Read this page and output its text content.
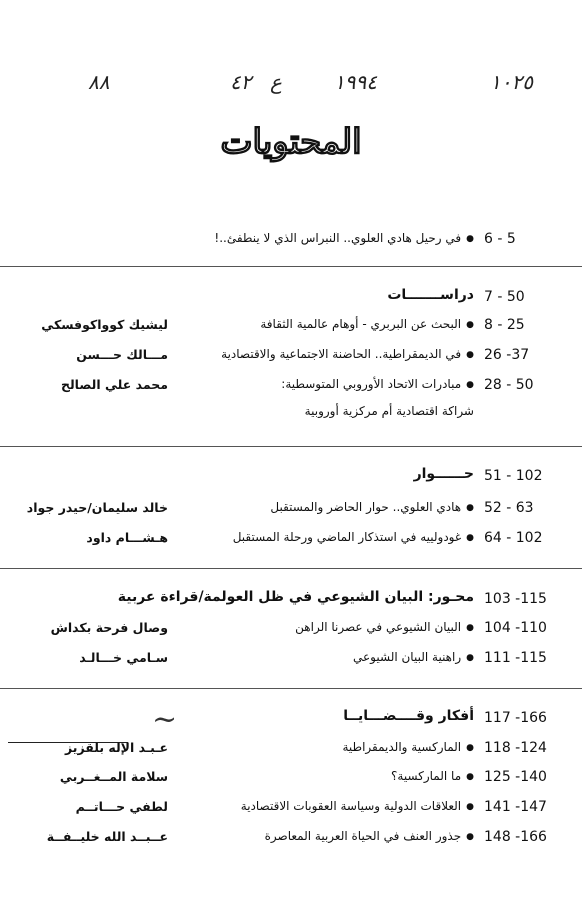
١٠٢٥
١٩٩٤
ع
٤٢
٨٨
المحتويات
6 - 5
● في رحيل هادي العلوي.. النبراس الذي لا ينطفئ..!
7 - 50
دراســـــــات
8 - 25
● البحث عن البربري - أوهام عالمية الثقافة
ليشيك كوواكوفسكي
26 -37
● في الديمقراطية.. الحاضنة الاجتماعية والاقتصادية
مـــالك حـــسن
28 - 50
● مبادرات الاتحاد الأوروبي المتوسطية:
محمد علي الصالح
شراكة اقتصادية أم مركزية أوروبية
51 - 102
حــــــوار
52 - 63
● هادي العلوي.. حوار الحاضر والمستقبل
خالد سليمان/حيدر جواد
64 - 102
● غودولييه في استذكار الماضي ورحلة المستقبل
هـشـــام داود
103 -115
محـور: البيان الشيوعي في ظل العولمة/قراءة عربية
104 -110
● البيان الشيوعي في عصرنا الراهن
وصال فرحة بكداش
111 -115
● راهنية البيان الشيوعي
سـامي خـــالـد
117 -166
أفكار وقــــضـــايــا
~
118 -124
● الماركسية والديمقراطية
عـبـد الإله بلقزيز
125 -140
● ما الماركسية؟
سلامة المــغــربي
141 -147
● العلاقات الدولية وسياسة العقوبات الاقتصادية
لطفي حـــاتــم
148 -166
● جذور العنف في الحياة العربية المعاصرة
عــبــد الله خليــفــة
